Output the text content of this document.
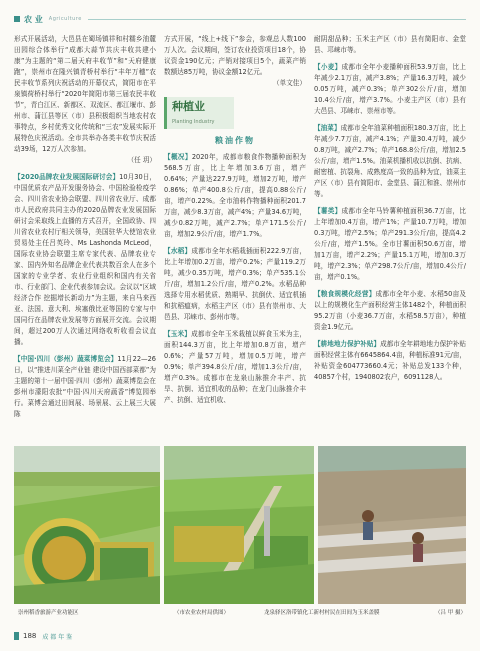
农 业 Agriculture

形式开展活动，大邑县在蜀场镇祥和村糯乡油麓田园综合体举行“成都大蒜节共庆丰收共建小康”为主题的“第二届天府丰收节”和“天府健康跑”，崇州市在隆兴镇青桥村举行“丰年万穗”农民丰收节系列庆祝活动的开幕仪式，简阳市在平泉镇荷桥村举行“2020年简阳市第三届农民丰收节”，青白江区、新都区、双流区、都江堰市、彭州市、蒲江县等区（市）县积极组织当地农村农事特点，乡村优秀文化传统和“三农”发展实际开展特色庆祝活动。全市共举办各类丰收节庆祝活动39场，12万人次参加。

（任 玥）

【2020品牌农业发展国际研讨会】10月30日，中国优质农产品开发服务协会、中国检验检疫学会、四川省农业协会联盟、四川省农业厅、成都市人民政府共同主办的2020品牌农业发展国际研讨会采取线上直播的方式召开，全国政协、四川省农业农村厅相关领导，美国驻华大使馆农业贸易处主任吕英玲、Ms Lashonda McLeod，国际农业协会联盟主席专家代表、品牌农业专家、国内外知名品牌企业代表共数百余人在多个国家的专业学者、农业行业组织和国内有关省市、行业部门、企业代表参加会议。会议以“区域经济合作 挖掘增长新动力”为主题，来自马来西亚、法国、意大利、埃塞俄比亚等国的专家与中国同行在品牌农业发展等方面展开交流。会议期间，超过200万人次通过网络收听收看会议直播。

【中国·四川（彭州）蔬菜博览会】11月22—26日，以“推进川菜全产业链 建设中国西部菜都”为主题的第十一届中国·四川（彭州）蔬菜博览会在彭州市濛阳农批“中国·四川天府蔬香”博览园举行。菜博会通过田间展、场景展、云上展三大展陈

方式开展，“线上+线下”参会，参观总人数100万人次。会议期间，签订农业投资项目18个，协议资金190亿元；产销对接项目5个，蔬菜产销数额达85万吨，协议金额12亿元。

（单文佳）
种植业
Planting Industry
粮油作物

【概况】2020年，成都市粮食作物播种面积为568.5万亩，比上年增加3.6万亩，增产0.64%；产量达227.9万吨，增加2万吨，增产0.86%；单产400.8公斤/亩，提高0.88公斤/亩，增产0.22%。全市油料作物播种面积201.7万亩，减少8.3万亩，减产4%；产量34.6万吨，减少0.82万吨，减产2.7%；单产171.5公斤/亩，增加2.9公斤/亩，增产1.7%。

【水稻】成都市全年水稻栽插面积222.9万亩，比上年增加0.2万亩，增产0.2%；产量119.2万吨，减少0.35万吨，增产0.3%；单产535.1公斤/亩，增加1.2公斤/亩，增产0.2%。水稻品种选择专用水稻优质、熟期早、抗倒伏、适宜机插和抗稻瘟病，水稻主产区（市）县有崇州市、大邑县、邛崃市、彭州市等。

【玉米】成都市全年玉米栽植以鲜食玉米为主，面积144.3万亩，比上年增加0.8万亩，增产0.6%；产量57万吨，增加0.5万吨，增产0.9%；单产394.8公斤/亩，增加1.3公斤/亩，增产0.3%。成都市在龙泉山脉推介丰产、抗旱、抗倒、适宜机收的品种；在龙门山脉推介丰产、抗倒、适宜机收、

耐阴甜品种；玉米主产区（市）县有简阳市、金堂县、邛崃市等。

【小麦】成都市全年小麦播种面积53.9万亩，比上年减少2.1万亩，减产3.8%；产量16.3万吨，减少0.05万吨，减产0.3%；单产302公斤/亩，增加10.4公斤/亩，增产3.7%。小麦主产区（市）县有大邑县、邛崃市、崇州市等。

【油菜】成都市全年油菜种植面积180.3万亩，比上年减少7.7万亩，减产4.1%；产量30.4万吨，减少0.8万吨，减产2.7%；单产168.8公斤/亩，增加2.5公斤/亩，增产1.5%。油菜机播机收以抗倒、抗病、耐密植、抗裂角、成熟度高一致的品种为宜，油菜主产区（市）县有简阳市、金堂县、蒲江和淮、崇州市等。

【薯类】成都市全年马铃薯种植面积36.7万亩，比上年增加0.4万亩，增产1%；产量10.7万吨，增加0.3万吨，增产2.5%；单产291.3公斤/亩，提高4.2公斤/亩，增产1.5%。全市甘薯面积50.6万亩，增加1万亩，增产2.2%；产量15.1万吨，增加0.3万吨，增产2.3%；单产298.7公斤/亩，增加0.4公斤/亩，增产0.1%。

【粮食规模化经营】成都市全年小麦、水稻50亩及以上的规模化生产面积经营主体1482个，种植面积95.2万亩（小麦36.7万亩，水稻58.5万亩），种植资金1.9亿元。

【耕地地力保护补贴】成都市全年耕地地力保护补贴面积经营主体有6645864.4亩，种植标准91元/亩，补贴资金604773660.4元；补贴总发133个种，40857个村，1940802农户，6091128人。

崇州稻香旅游产业功能区	（市农业农村局供图）	龙泉驿区洛带镇化工新村村民在田间为玉米盖膜	（吕 甲 摄）
188 成 都 年 鉴
